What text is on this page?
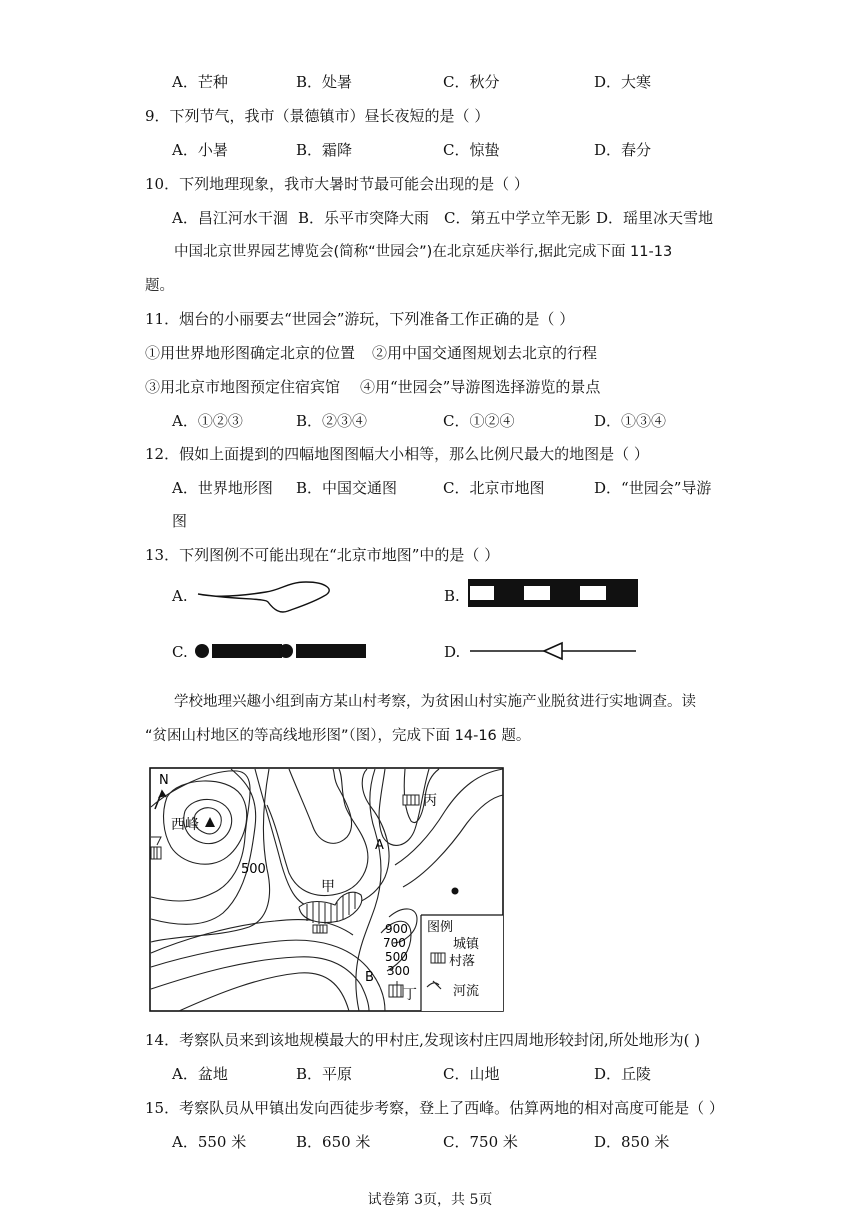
A．芒种	B．处暑	C．秋分	D．大寒
9．下列节气，我市（景德镇市）昼长夜短的是（ ）
A．小暑	B．霜降	C．惊蛰	D．春分
10．下列地理现象，我市大暑时节最可能会出现的是（ ）
A．昌江河水干涸 B．乐平市突降大雨 C．第五中学立竿无影 D．瑶里冰天雪地
中国北京世界园艺博览会(简称“世园会”)在北京延庆举行,据此完成下面 11-13
题。
11．烟台的小丽要去“世园会”游玩，下列准备工作正确的是（ ）
①用世界地形图确定北京的位置 ②用中国交通图规划去北京的行程
③用北京市地图预定住宿宾馆 ④用“世园会”导游图选择游览的景点
A．①②③	B．②③④	C．①②④	D．①③④
12．假如上面提到的四幅地图图幅大小相等，那么比例尺最大的地图是（ ）
A．世界地形图 B．中国交通图	C．北京市地图	D．“世园会”导游
图
13．下列图例不可能出现在“北京市地图”中的是（ ）
A.	B.
C.	D.
学校地理兴趣小组到南方某山村考察，为贫困山村实施产业脱贫进行实地调查。读
“贫困山村地区的等高线地形图”（图），完成下面 14-16 题。
N
西峰
500
A
B
甲
丙
丁
图例
900
700
500
300
城镇
村落
河流
14．考察队员来到该地规模最大的甲村庄,发现该村庄四周地形较封闭,所处地形为( )
A．盆地	B．平原	C．山地	D．丘陵
15．考察队员从甲镇出发向西徒步考察，登上了西峰。估算两地的相对高度可能是（ ）
A．550 米	B．650 米	C．750 米	D．850 米
试卷第 3页，共 5页
